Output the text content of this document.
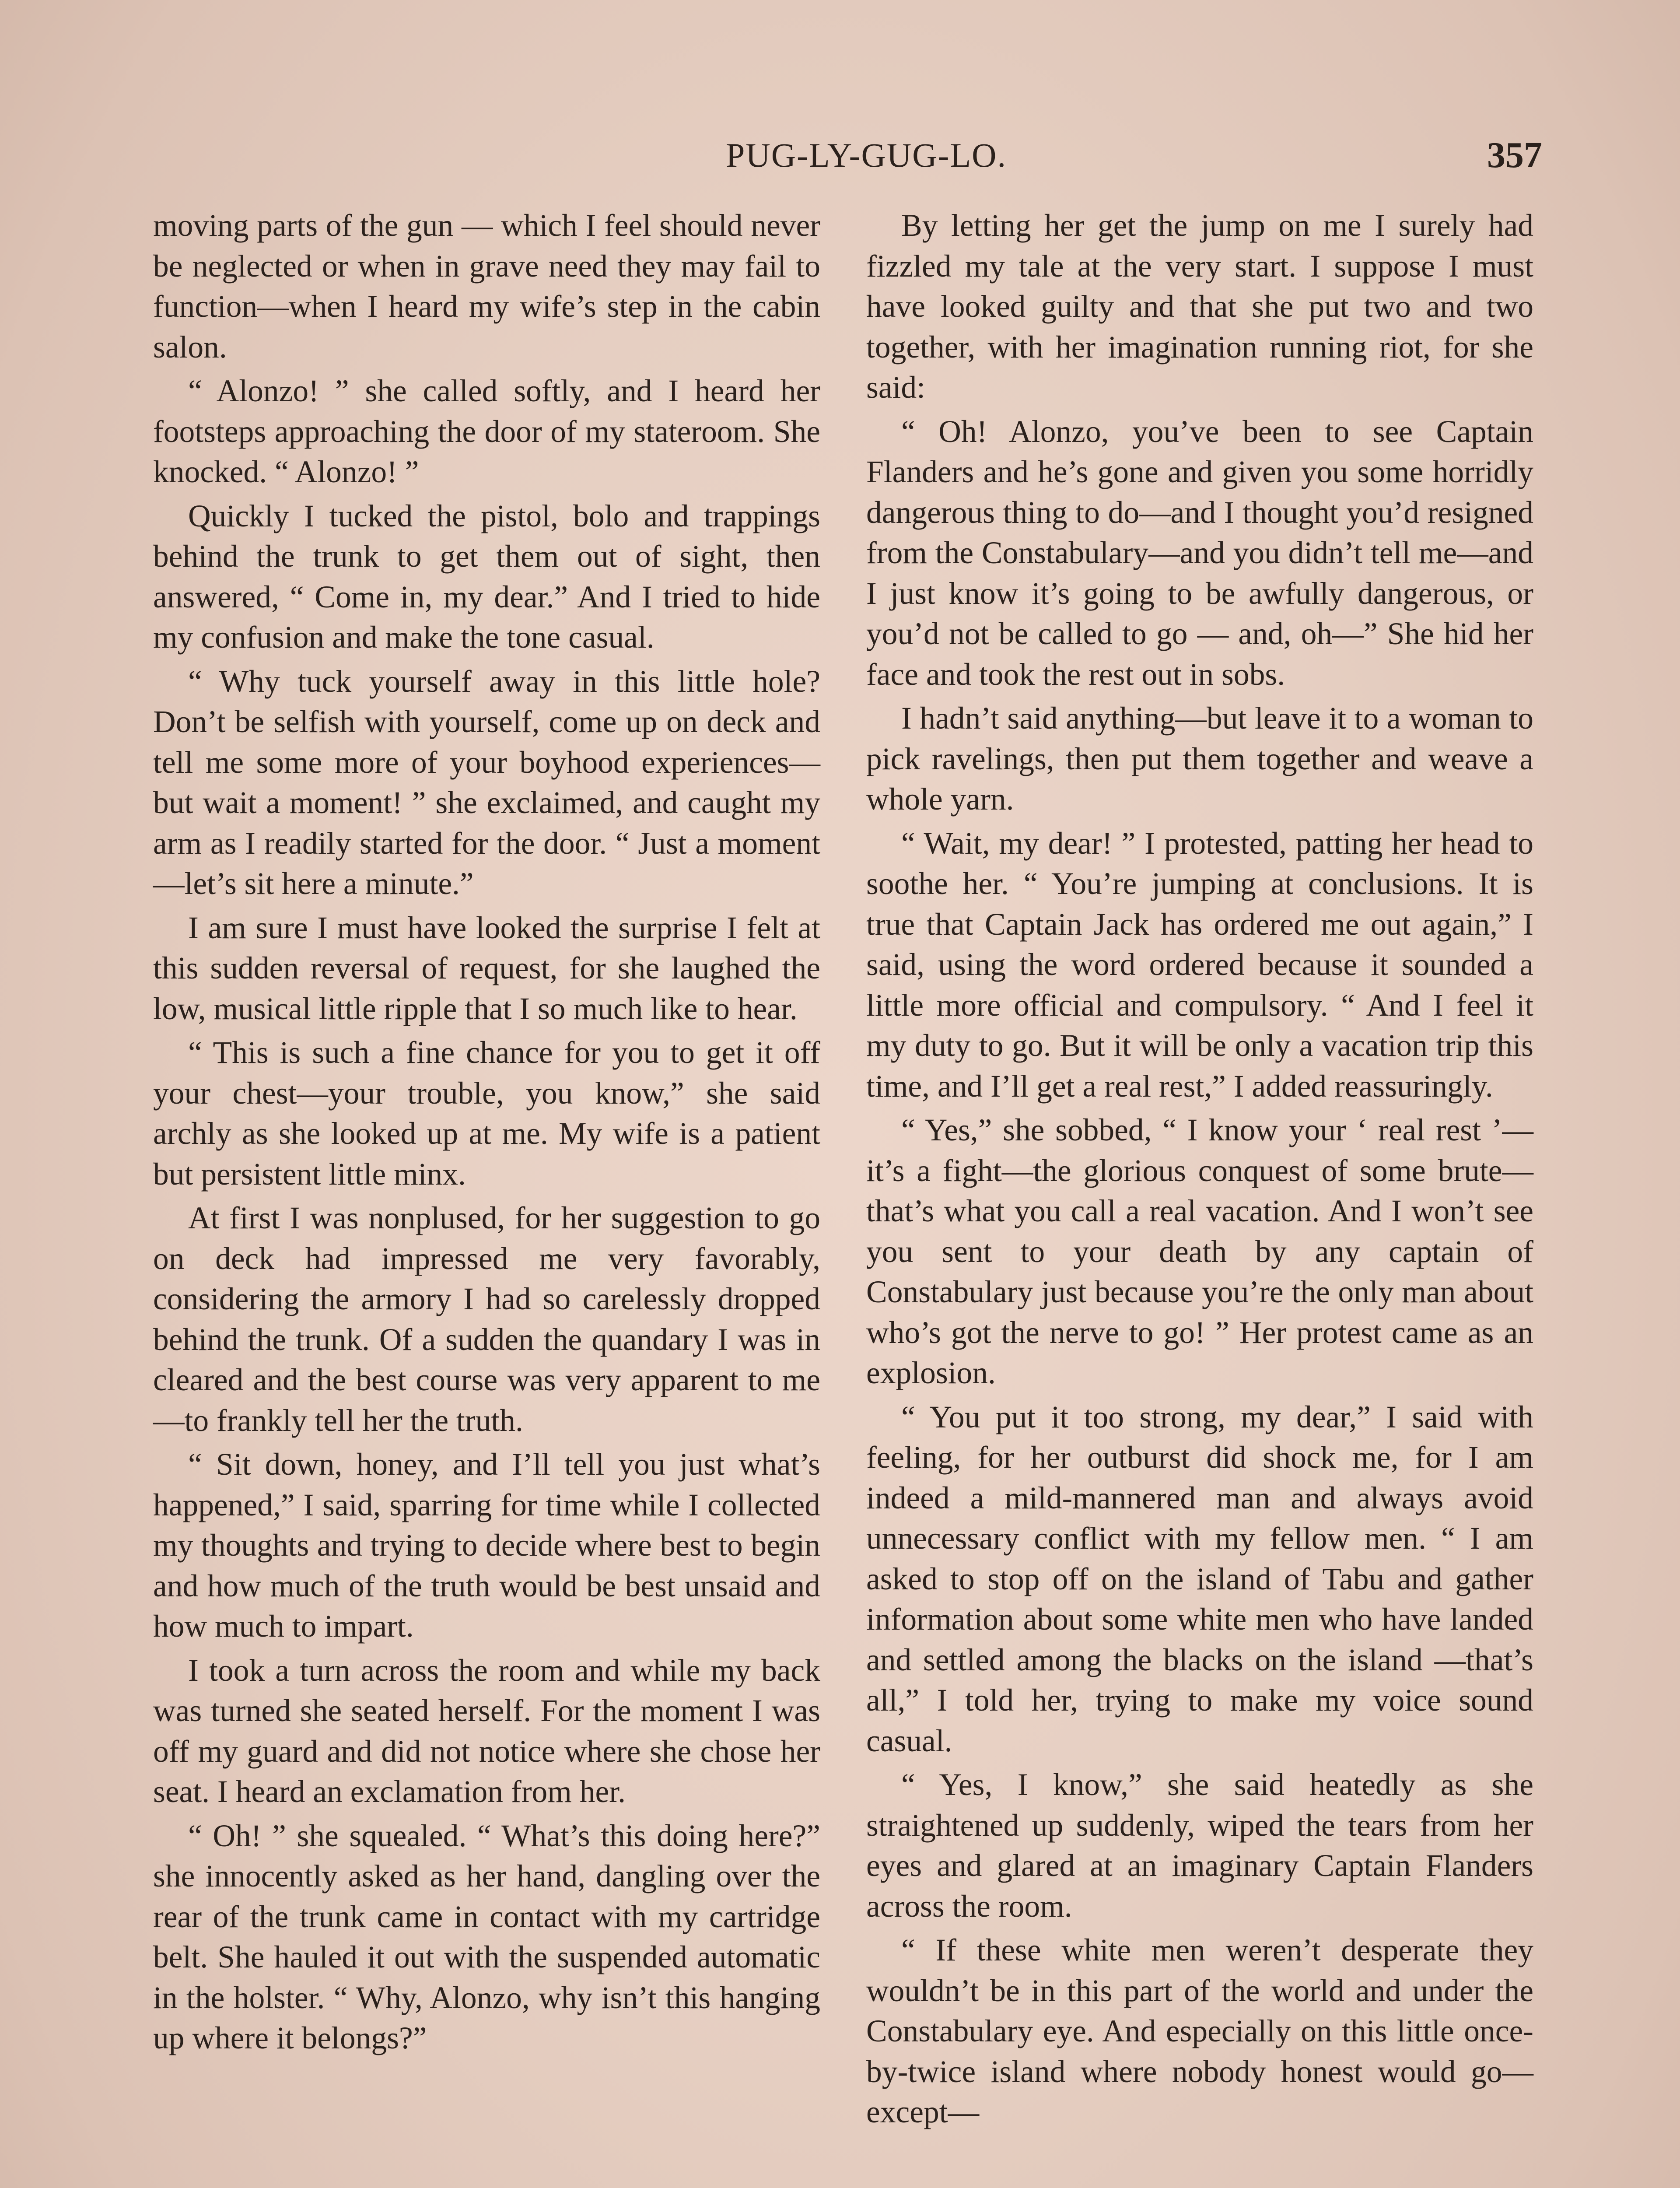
PUG-LY-GUG-LO.	357

moving parts of the gun — which I feel should never be neglected or when in grave need they may fail to function—when I heard my wife’s step in the cabin salon.

“ Alonzo! ” she called softly, and I heard her footsteps approaching the door of my stateroom. She knocked. “ Alonzo! ”

Quickly I tucked the pistol, bolo and trappings behind the trunk to get them out of sight, then answered, “ Come in, my dear.” And I tried to hide my confusion and make the tone casual.

“ Why tuck yourself away in this little hole? Don’t be selfish with yourself, come up on deck and tell me some more of your boyhood experiences—but wait a moment! ” she exclaimed, and caught my arm as I readily started for the door. “ Just a moment—let’s sit here a minute.”

I am sure I must have looked the surprise I felt at this sudden reversal of request, for she laughed the low, musical little ripple that I so much like to hear.

“ This is such a fine chance for you to get it off your chest—your trouble, you know,” she said archly as she looked up at me. My wife is a patient but persistent little minx.

At first I was nonplused, for her suggestion to go on deck had impressed me very favorably, considering the armory I had so carelessly dropped behind the trunk. Of a sudden the quandary I was in cleared and the best course was very apparent to me—to frankly tell her the truth.

“ Sit down, honey, and I’ll tell you just what’s happened,” I said, sparring for time while I collected my thoughts and trying to decide where best to begin and how much of the truth would be best unsaid and how much to impart.

I took a turn across the room and while my back was turned she seated herself. For the moment I was off my guard and did not notice where she chose her seat. I heard an exclamation from her.

“ Oh! ” she squealed. “ What’s this doing here?” she innocently asked as her hand, dangling over the rear of the trunk came in contact with my cartridge belt. She hauled it out with the suspended automatic in the holster. “ Why, Alonzo, why isn’t this hanging up where it belongs?”

By letting her get the jump on me I surely had fizzled my tale at the very start. I suppose I must have looked guilty and that she put two and two together, with her imagination running riot, for she said:

“ Oh! Alonzo, you’ve been to see Captain Flanders and he’s gone and given you some horridly dangerous thing to do—and I thought you’d resigned from the Constabulary—and you didn’t tell me—and I just know it’s going to be awfully dangerous, or you’d not be called to go — and, oh—” She hid her face and took the rest out in sobs.

I hadn’t said anything—but leave it to a woman to pick ravelings, then put them together and weave a whole yarn.

“ Wait, my dear! ” I protested, patting her head to soothe her. “ You’re jumping at conclusions. It is true that Captain Jack has ordered me out again,” I said, using the word ordered because it sounded a little more official and compulsory. “ And I feel it my duty to go. But it will be only a vacation trip this time, and I’ll get a real rest,” I added reassuringly.

“ Yes,” she sobbed, “ I know your ‘ real rest ’—it’s a fight—the glorious conquest of some brute—that’s what you call a real vacation. And I won’t see you sent to your death by any captain of Constabulary just because you’re the only man about who’s got the nerve to go! ” Her protest came as an explosion.

“ You put it too strong, my dear,” I said with feeling, for her outburst did shock me, for I am indeed a mild-mannered man and always avoid unnecessary conflict with my fellow men. “ I am asked to stop off on the island of Tabu and gather information about some white men who have landed and settled among the blacks on the island —that’s all,” I told her, trying to make my voice sound casual.

“ Yes, I know,” she said heatedly as she straightened up suddenly, wiped the tears from her eyes and glared at an imaginary Captain Flanders across the room.

“ If these white men weren’t desperate they wouldn’t be in this part of the world and under the Constabulary eye. And especially on this little once-by-twice island where nobody honest would go—except—
